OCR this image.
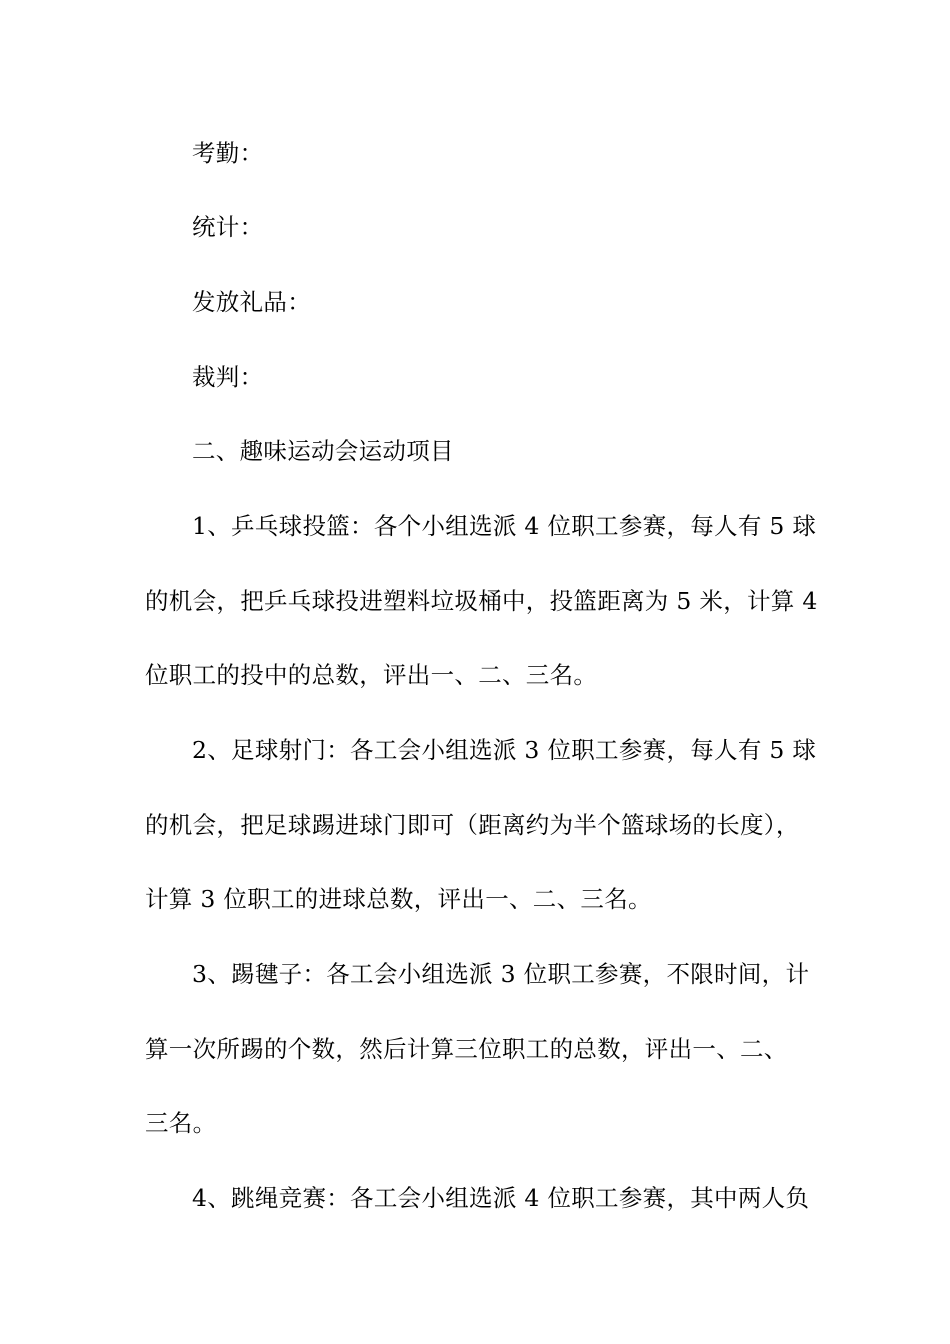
考勤：
统计：
发放礼品：
裁判：
二、趣味运动会运动项目
1、乒乓球投篮：各个小组选派 4 位职工参赛，每人有 5 球
的机会，把乒乓球投进塑料垃圾桶中，投篮距离为 5 米，计算 4
位职工的投中的总数，评出一、二、三名。
2、足球射门：各工会小组选派 3 位职工参赛，每人有 5 球
的机会，把足球踢进球门即可（距离约为半个篮球场的长度），
计算 3 位职工的进球总数，评出一、二、三名。
3、踢毽子：各工会小组选派 3 位职工参赛，不限时间，计
算一次所踢的个数，然后计算三位职工的总数，评出一、二、
三名。
4、跳绳竞赛：各工会小组选派 4 位职工参赛，其中两人负
